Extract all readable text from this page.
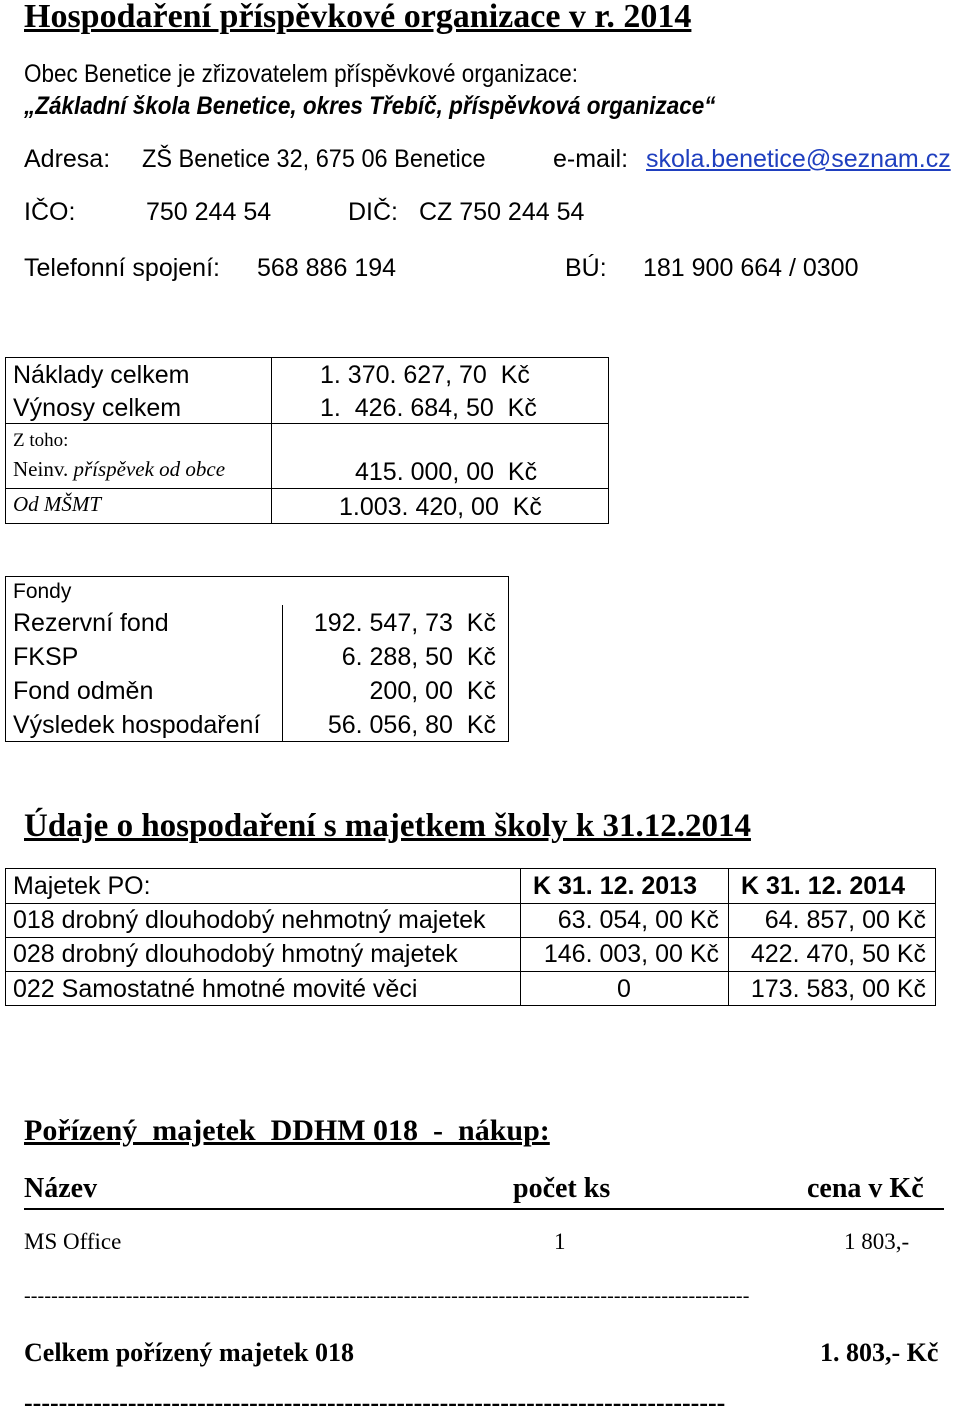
Hospodaření příspěvkové organizace v r. 2014
Obec Benetice je zřizovatelem příspěvkové organizace:
„Základní škola Benetice, okres Třebíč, příspěvková organizace“
Adresa: ZŠ Benetice 32, 675 06 Benetice	e-mail: skola.benetice@seznam.cz
IČO:	750 244 54	DIČ: CZ 750 244 54
Telefonní spojení: 568 886 194	BÚ: 181 900 664 / 0300
Náklady celkem	1. 370. 627, 70  Kč
Výnosy celkem	1.  426. 684, 50  Kč
Z toho:
Neinv. příspěvek od obce	415. 000, 00  Kč
Od MŠMT	1.003. 420, 00  Kč
Fondy
Rezervní fond	192. 547, 73  Kč
FKSP	6. 288, 50  Kč
Fond odměn	200, 00  Kč
Výsledek hospodaření	56. 056, 80  Kč
Údaje o hospodaření s majetkem školy k 31.12.2014
Majetek PO:	K 31. 12. 2013 K 31. 12. 2014
018 drobný dlouhodobý nehmotný majetek	63. 054, 00 Kč 64. 857, 00 Kč
028 drobný dlouhodobý hmotný majetek	146. 003, 00 Kč 422. 470, 50 Kč
022 Samostatné hmotné movité věci	0	173. 583, 00 Kč
Pořízený  majetek  DDHM 018  -  nákup:
Název	počet ks	cena v Kč
MS Office	1	1 803,-
-----------------------------------------------------------------------------------------------------------
Celkem pořízený majetek 018	1. 803,- Kč
---------------------------------------------------------------------------------
